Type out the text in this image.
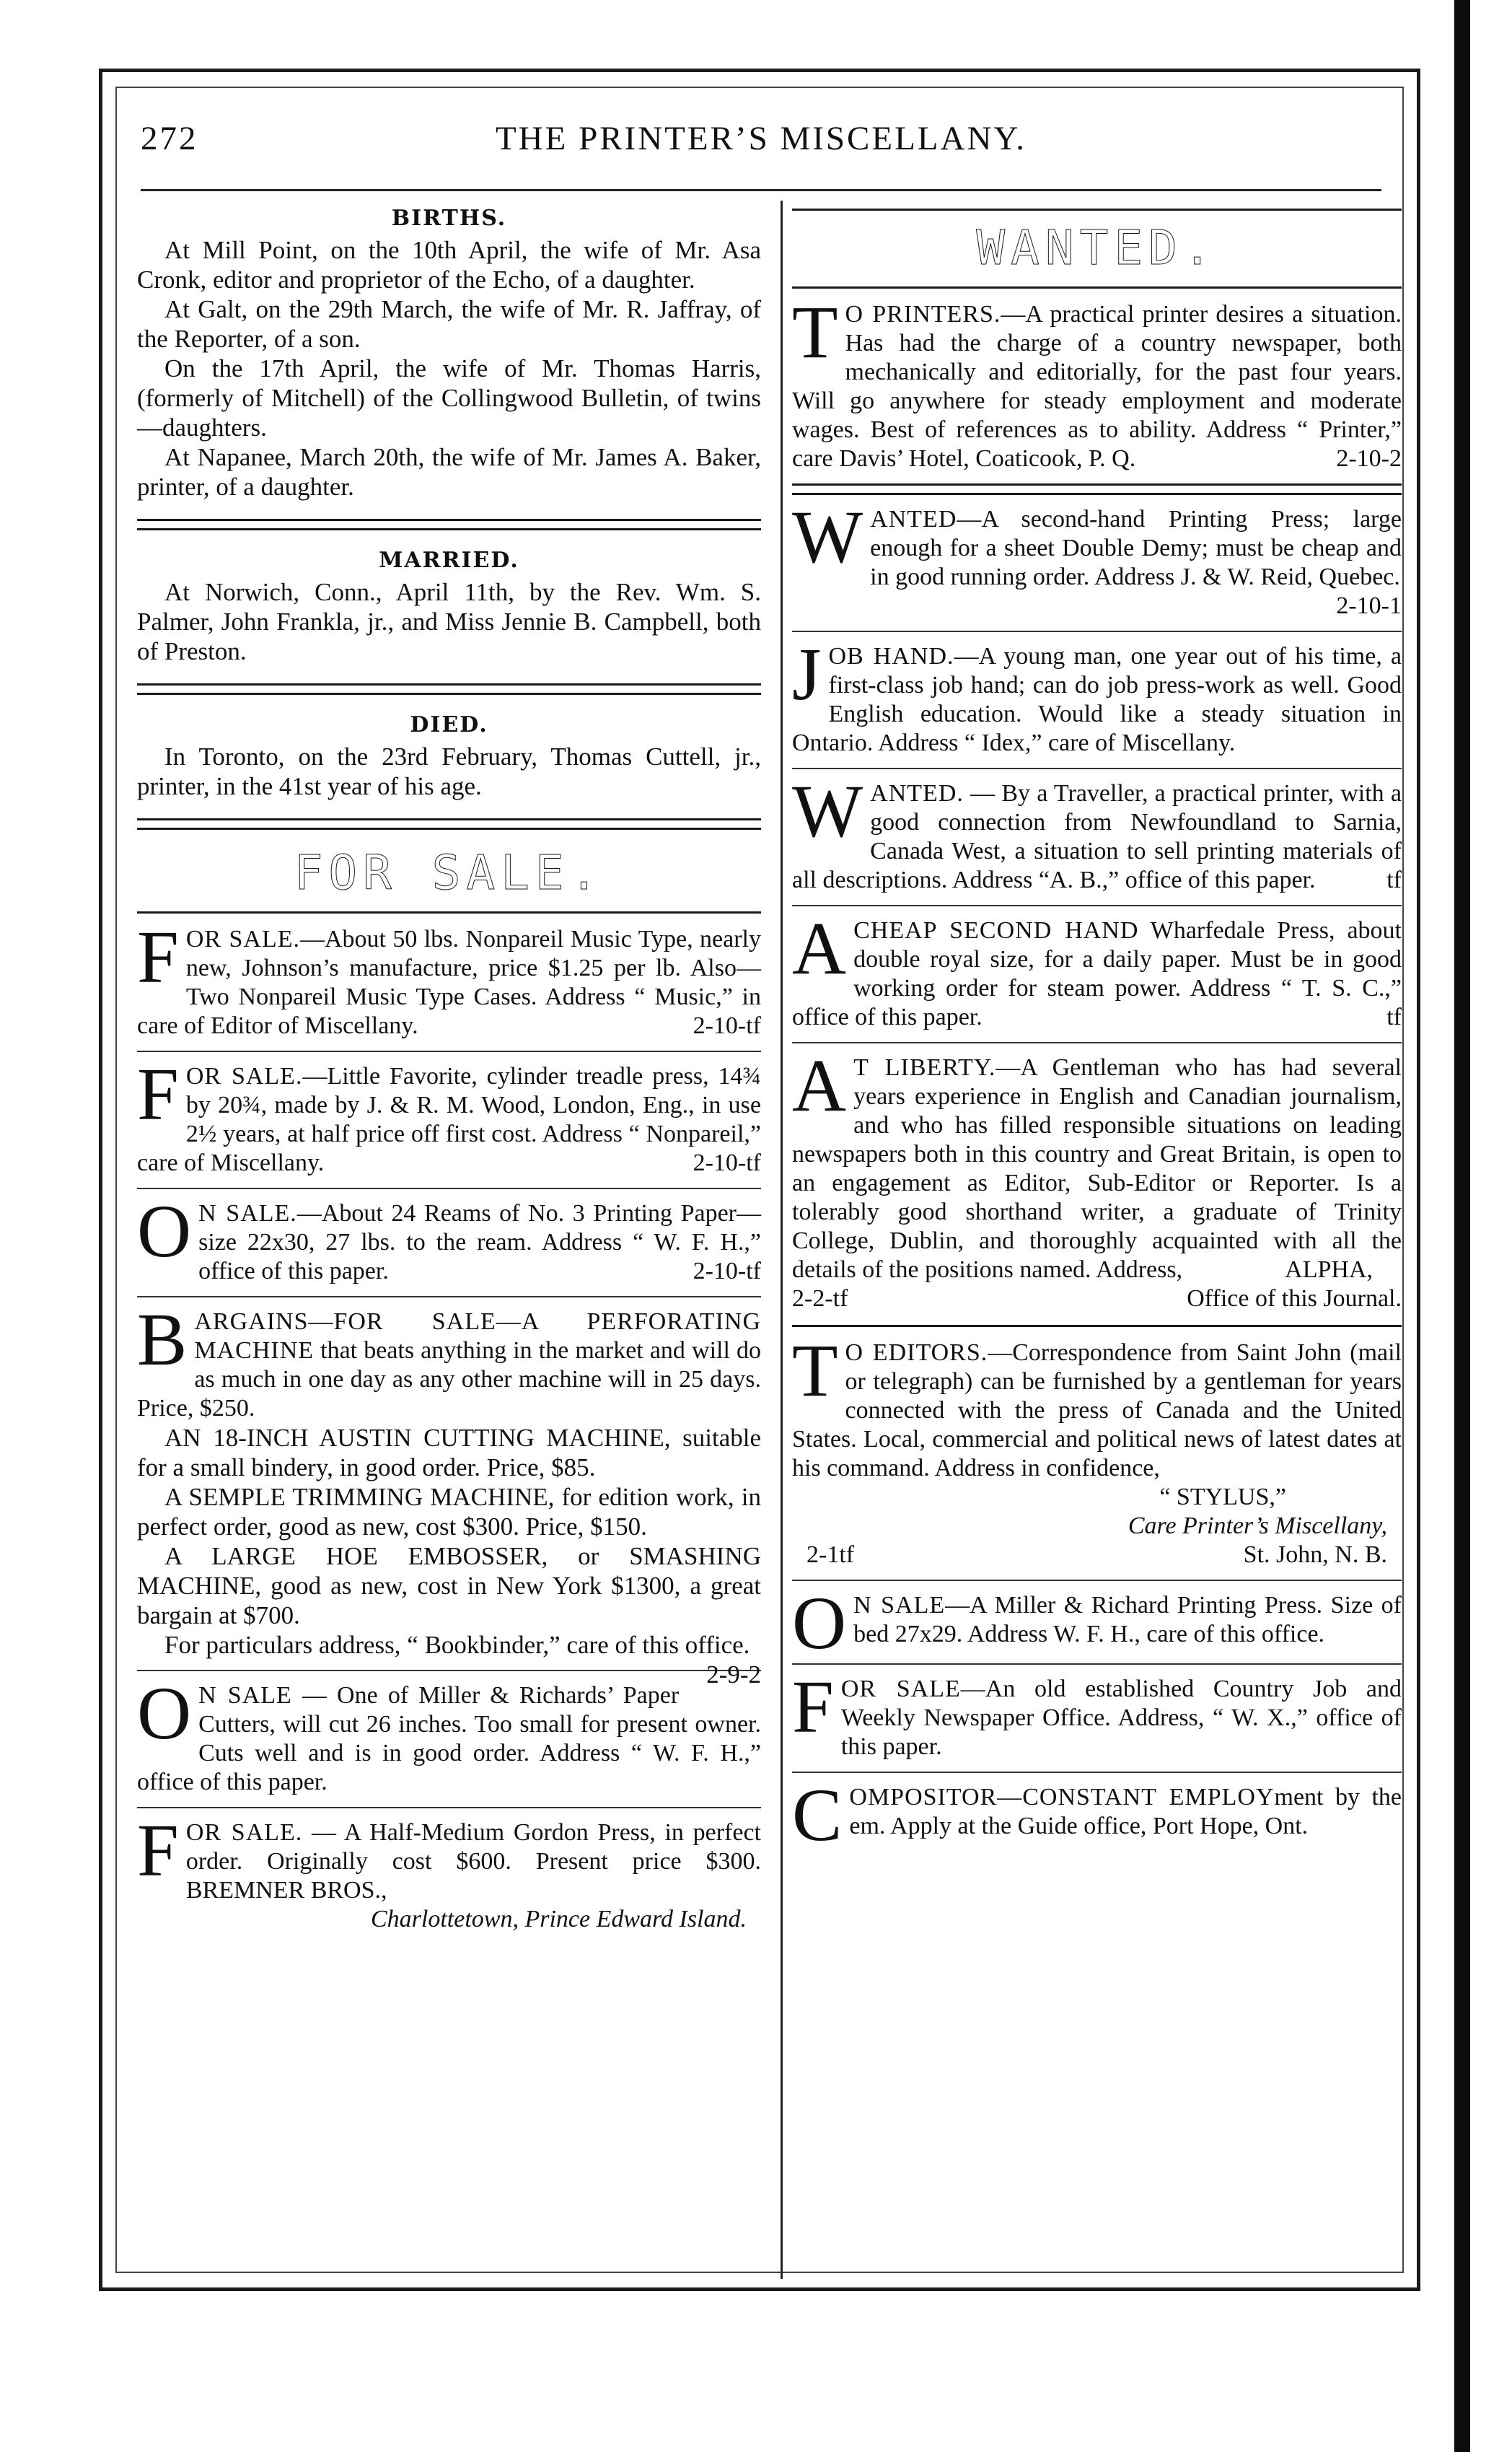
272	THE PRINTER’S MISCELLANY.
BIRTHS.

At Mill Point, on the 10th April, the wife of Mr. Asa Cronk, editor and proprietor of the Echo, of a daughter.

At Galt, on the 29th March, the wife of Mr. R. Jaffray, of the Reporter, of a son.

On the 17th April, the wife of Mr. Thomas Harris, (formerly of Mitchell) of the Collingwood Bulletin, of twins—daughters.

At Napanee, March 20th, the wife of Mr. James A. Baker, printer, of a daughter.

MARRIED.

At Norwich, Conn., April 11th, by the Rev. Wm. S. Palmer, John Frankla, jr., and Miss Jennie B. Campbell, both of Preston.

DIED.

In Toronto, on the 23rd February, Thomas Cuttell, jr., printer, in the 41st year of his age.

FOR SALE.
F OR SALE.—About 50 lbs. Nonpareil Music Type, nearly new, Johnson’s manufacture, price $1.25 per lb. Also—Two Nonpareil Music Type Cases. Address “ Music,” in care of Editor of Miscellany.	2-10-tf

F OR SALE.—Little Favorite, cylinder treadle press, 14¾ by 20¾, made by J. & R. M. Wood, London, Eng., in use 2½ years, at half price off first cost. Address “ Nonpareil,” care of Miscellany.	2-10-tf

O N SALE.—About 24 Reams of No. 3 Printing Paper—size 22x30, 27 lbs. to the ream. Address “ W. F. H.,” office of this paper.	2-10-tf

B ARGAINS—FOR SALE—A PERFORATING MACHINE that beats anything in the market and will do as much in one day as any other machine will in 25 days. Price, $250.

AN 18-INCH AUSTIN CUTTING MACHINE, suitable for a small bindery, in good order. Price, $85.

A SEMPLE TRIMMING MACHINE, for edition work, in perfect order, good as new, cost $300. Price, $150.

A LARGE HOE EMBOSSER, or SMASHING MACHINE, good as new, cost in New York $1300, a great bargain at $700.

For particulars address, “ Bookbinder,” care of this office.
2-9-2

O N SALE — One of Miller & Richards’ Paper Cutters, will cut 26 inches. Too small for present owner. Cuts well and is in good order. Address “ W. F. H.,” office of this paper.

F OR SALE. — A Half-Medium Gordon Press, in perfect order. Originally cost $600. Present price $300. BREMNER BROS.,

Charlottetown, Prince Edward Island.
WANTED.
T O PRINTERS.—A practical printer desires a situation. Has had the charge of a country newspaper, both mechanically and editorially, for the past four years. Will go anywhere for steady employment and moderate wages. Best of references as to ability. Address “ Printer,” care Davis’ Hotel, Coaticook, P. Q.	2-10-2

W ANTED—A second-hand Printing Press; large enough for a sheet Double Demy; must be cheap and in good running order. Address J. & W. Reid, Quebec.
2-10-1

J OB HAND.—A young man, one year out of his time, a first-class job hand; can do job press-work as well. Good English education. Would like a steady situation in Ontario. Address “ Idex,” care of Miscellany.

W ANTED. — By a Traveller, a practical printer, with a good connection from Newfoundland to Sarnia, Canada West, a situation to sell printing materials of all descriptions. Address “A. B.,” office of this paper.	tf

A CHEAP SECOND HAND Wharfedale Press, about double royal size, for a daily paper. Must be in good working order for steam power. Address “ T. S. C.,” office of this paper.	tf

A T LIBERTY.—A Gentleman who has had several years experience in English and Canadian journalism, and who has filled responsible situations on leading newspapers both in this country and Great Britain, is open to an engagement as Editor, Sub-Editor or Reporter. Is a tolerably good shorthand writer, a graduate of Trinity College, Dublin, and thoroughly acquainted with all the details of the positions named. Address,	ALPHA,

2-2-tf	Office of this Journal.
T O EDITORS.—Correspondence from Saint John (mail or telegraph) can be furnished by a gentleman for years connected with the press of Canada and the United States. Local, commercial and political news of latest dates at his command. Address in confidence,

“ STYLUS,”
Care Printer’s Miscellany,
2-1tf	St. John, N. B.
O N SALE—A Miller & Richard Printing Press. Size of bed 27x29. Address W. F. H., care of this office.

F OR SALE—An old established Country Job and Weekly Newspaper Office. Address, “ W. X.,” office of this paper.

C OMPOSITOR—CONSTANT EMPLOYment by the em. Apply at the Guide office, Port Hope, Ont.
